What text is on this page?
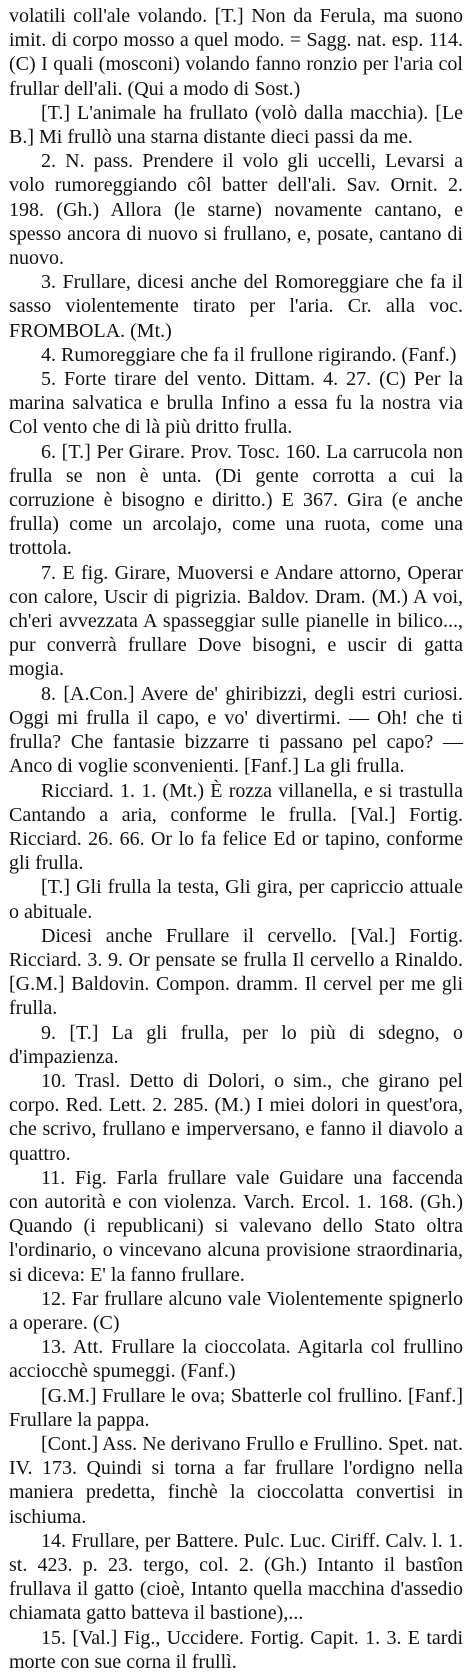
volatili coll'ale volando. [T.] Non da Ferula, ma suono imit. di corpo mosso a quel modo. = Sagg. nat. esp. 114. (C) I quali (mosconi) volando fanno ronzio per l'aria col frullar dell'ali. (Qui a modo di Sost.)

[T.] L'animale ha frullato (volò dalla macchia). [Le B.] Mi frullò una starna distante dieci passi da me.

2. N. pass. Prendere il volo gli uccelli, Levarsi a volo rumoreggiando côl batter dell'ali. Sav. Ornit. 2. 198. (Gh.) Allora (le starne) novamente cantano, e spesso ancora di nuovo si frullano, e, posate, cantano di nuovo.

3. Frullare, dicesi anche del Romoreggiare che fa il sasso violentemente tirato per l'aria. Cr. alla voc. FROMBOLA. (Mt.)

4. Rumoreggiare che fa il frullone rigirando. (Fanf.)

5. Forte tirare del vento. Dittam. 4. 27. (C) Per la marina salvatica e brulla Infino a essa fu la nostra via Col vento che di là più dritto frulla.

6. [T.] Per Girare. Prov. Tosc. 160. La carrucola non frulla se non è unta. (Di gente corrotta a cui la corruzione è bisogno e diritto.) E 367. Gira (e anche frulla) come un arcolajo, come una ruota, come una trottola.

7. E fig. Girare, Muoversi e Andare attorno, Operar con calore, Uscir di pigrizia. Baldov. Dram. (M.) A voi, ch'eri avvezzata A spasseggiar sulle pianelle in bilico..., pur converrà frullare Dove bisogni, e uscir di gatta mogia.

8. [A.Con.] Avere de' ghiribizzi, degli estri curiosi. Oggi mi frulla il capo, e vo' divertirmi. — Oh! che ti frulla? Che fantasie bizzarre ti passano pel capo? — Anco di voglie sconvenienti. [Fanf.] La gli frulla.

Ricciard. 1. 1. (Mt.) È rozza villanella, e si trastulla Cantando a aria, conforme le frulla. [Val.] Fortig. Ricciard. 26. 66. Or lo fa felice Ed or tapino, conforme gli frulla.

[T.] Gli frulla la testa, Gli gira, per capriccio attuale o abituale.

Dicesi anche Frullare il cervello. [Val.] Fortig. Ricciard. 3. 9. Or pensate se frulla Il cervello a Rinaldo. [G.M.] Baldovin. Compon. dramm. Il cervel per me gli frulla.

9. [T.] La gli frulla, per lo più di sdegno, o d'impazienza.

10. Trasl. Detto di Dolori, o sim., che girano pel corpo. Red. Lett. 2. 285. (M.) I miei dolori in quest'ora, che scrivo, frullano e imperversano, e fanno il diavolo a quattro.

11. Fig. Farla frullare vale Guidare una faccenda con autorità e con violenza. Varch. Ercol. 1. 168. (Gh.) Quando (i republicani) si valevano dello Stato oltra l'ordinario, o vincevano alcuna provisione straordinaria, si diceva: E' la fanno frullare.

12. Far frullare alcuno vale Violentemente spignerlo a operare. (C)

13. Att. Frullare la cioccolata. Agitarla col frullino acciocchè spumeggi. (Fanf.)

[G.M.] Frullare le ova; Sbatterle col frullino. [Fanf.] Frullare la pappa.

[Cont.] Ass. Ne derivano Frullo e Frullino. Spet. nat. IV. 173. Quindi si torna a far frullare l'ordigno nella maniera predetta, finchè la cioccolatta convertisi in ischiuma.

14. Frullare, per Battere. Pulc. Luc. Ciriff. Calv. l. 1. st. 423. p. 23. tergo, col. 2. (Gh.) Intanto il bastîon frullava il gatto (cioè, Intanto quella macchina d'assedio chiamata gatto batteva il bastione),...

15. [Val.] Fig., Uccidere. Fortig. Capit. 1. 3. E tardi morte con sue corna il frullì.
